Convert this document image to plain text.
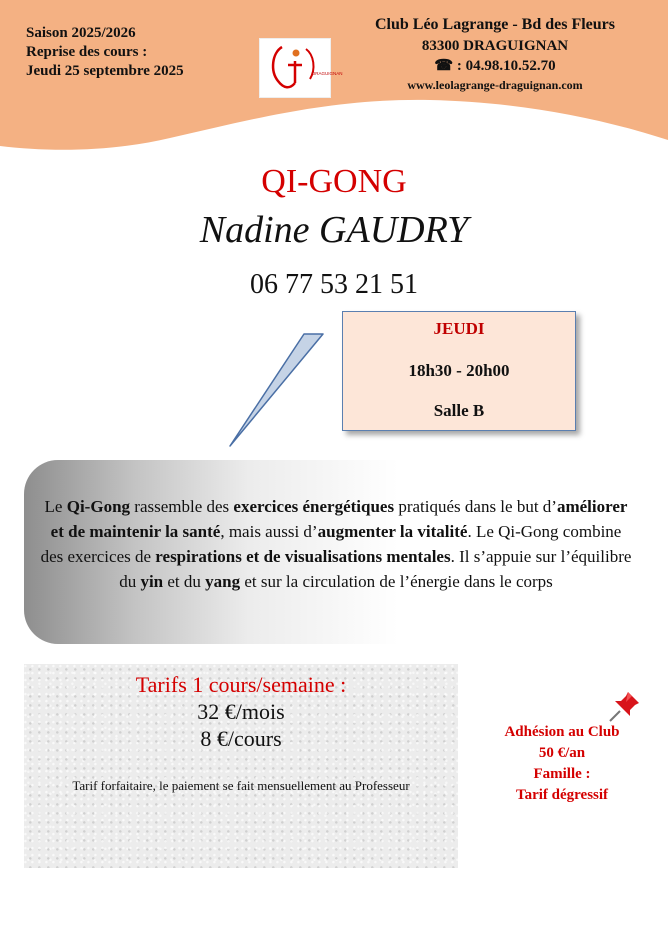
Saison 2025/2026
Reprise des cours :
Jeudi 25 septembre 2025	DRAGUIGNAN
Club Léo Lagrange - Bd des Fleurs
83300 DRAGUIGNAN
☎ : 04.98.10.52.70
www.leolagrange-draguignan.com
QI-GONG
Nadine GAUDRY
06 77 53 21 51
JEUDI
18h30 - 20h00
Salle B
Le Qi-Gong rassemble des exercices énergétiques pratiqués dans le but d’améliorer et de maintenir la santé, mais aussi d’augmenter la vitalité. Le Qi-Gong combine des exercices de respirations et de visualisations mentales. Il s’appuie sur l’équilibre du yin et du yang et sur la circulation de l’énergie dans le corps
Tarifs 1 cours/semaine :
32 €/mois
8 €/cours
Tarif forfaitaire, le paiement se fait mensuellement au Professeur
Adhésion au Club
50 €/an
Famille :
Tarif dégressif
